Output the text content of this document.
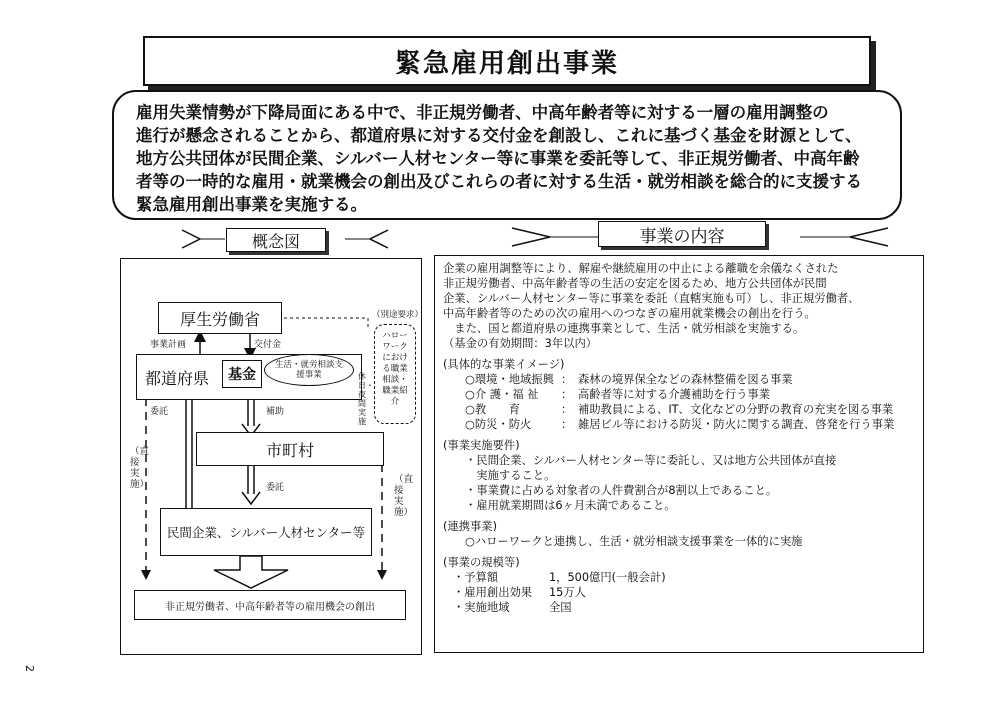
緊急雇用創出事業

雇用失業情勢が下降局面にある中で、非正規労働者、中高年齢者等に対する一層の雇用調整の

進行が懸念されることから、都道府県に対する交付金を創設し、これに基づく基金を財源として、

地方公共団体が民間企業、シルバー人材センター等に事業を委託等して、非正規労働者、中高年齢

者等の一時的な雇用・就業機会の創出及びこれらの者に対する生活・就労相談を総合的に支援する

緊急雇用創出事業を実施する。

概念図	事業の内容
厚生労働省
事業計画	交付金
（別途要求）
都道府県	基金
生活・就労相談支援事業
ハローワークにおける職業相談・職業紹介
休日・夜間実施
委託	補助
市町村
委託
民間企業、シルバー人材センター等
（直接実施）	（直接実施）
非正規労働者、中高年齢者等の雇用機会の創出
企業の雇用調整等により、解雇や継続雇用の中止による離職を余儀なくされた
非正規労働者、中高年齢者等の生活の安定を図るため、地方公共団体が民間
企業、シルバー人材センター等に事業を委託（直轄実施も可）し、非正規労働者、
中高年齢者等のための次の雇用へのつなぎの雇用就業機会の創出を行う。
　また、国と都道府県の連携事業として、生活・就労相談を実施する。
（基金の有効期間：3年以内）
(具体的な事業イメージ)
○環境・地域振興 ：　森林の境界保全などの森林整備を図る事業
○介 護・福 祉 ：　高齢者等に対する介護補助を行う事業
○教　　育	：　補助教員による、IT、文化などの分野の教育の充実を図る事業
○防災・防火	：　雑居ビル等における防災・防火に関する調査、啓発を行う事業
(事業実施要件)
・民間企業、シルバー人材センター等に委託し、又は地方公共団体が直接
　実施すること。
・事業費に占める対象者の人件費割合が8割以上であること。
・雇用就業期間は6ヶ月未満であること。
(連携事業)
○ハローワークと連携し、生活・就労相談支援事業を一体的に実施
(事業の規模等)
・予算額	1，500億円(一般会計)
・雇用創出効果	15万人
・実施地域	全国
2
